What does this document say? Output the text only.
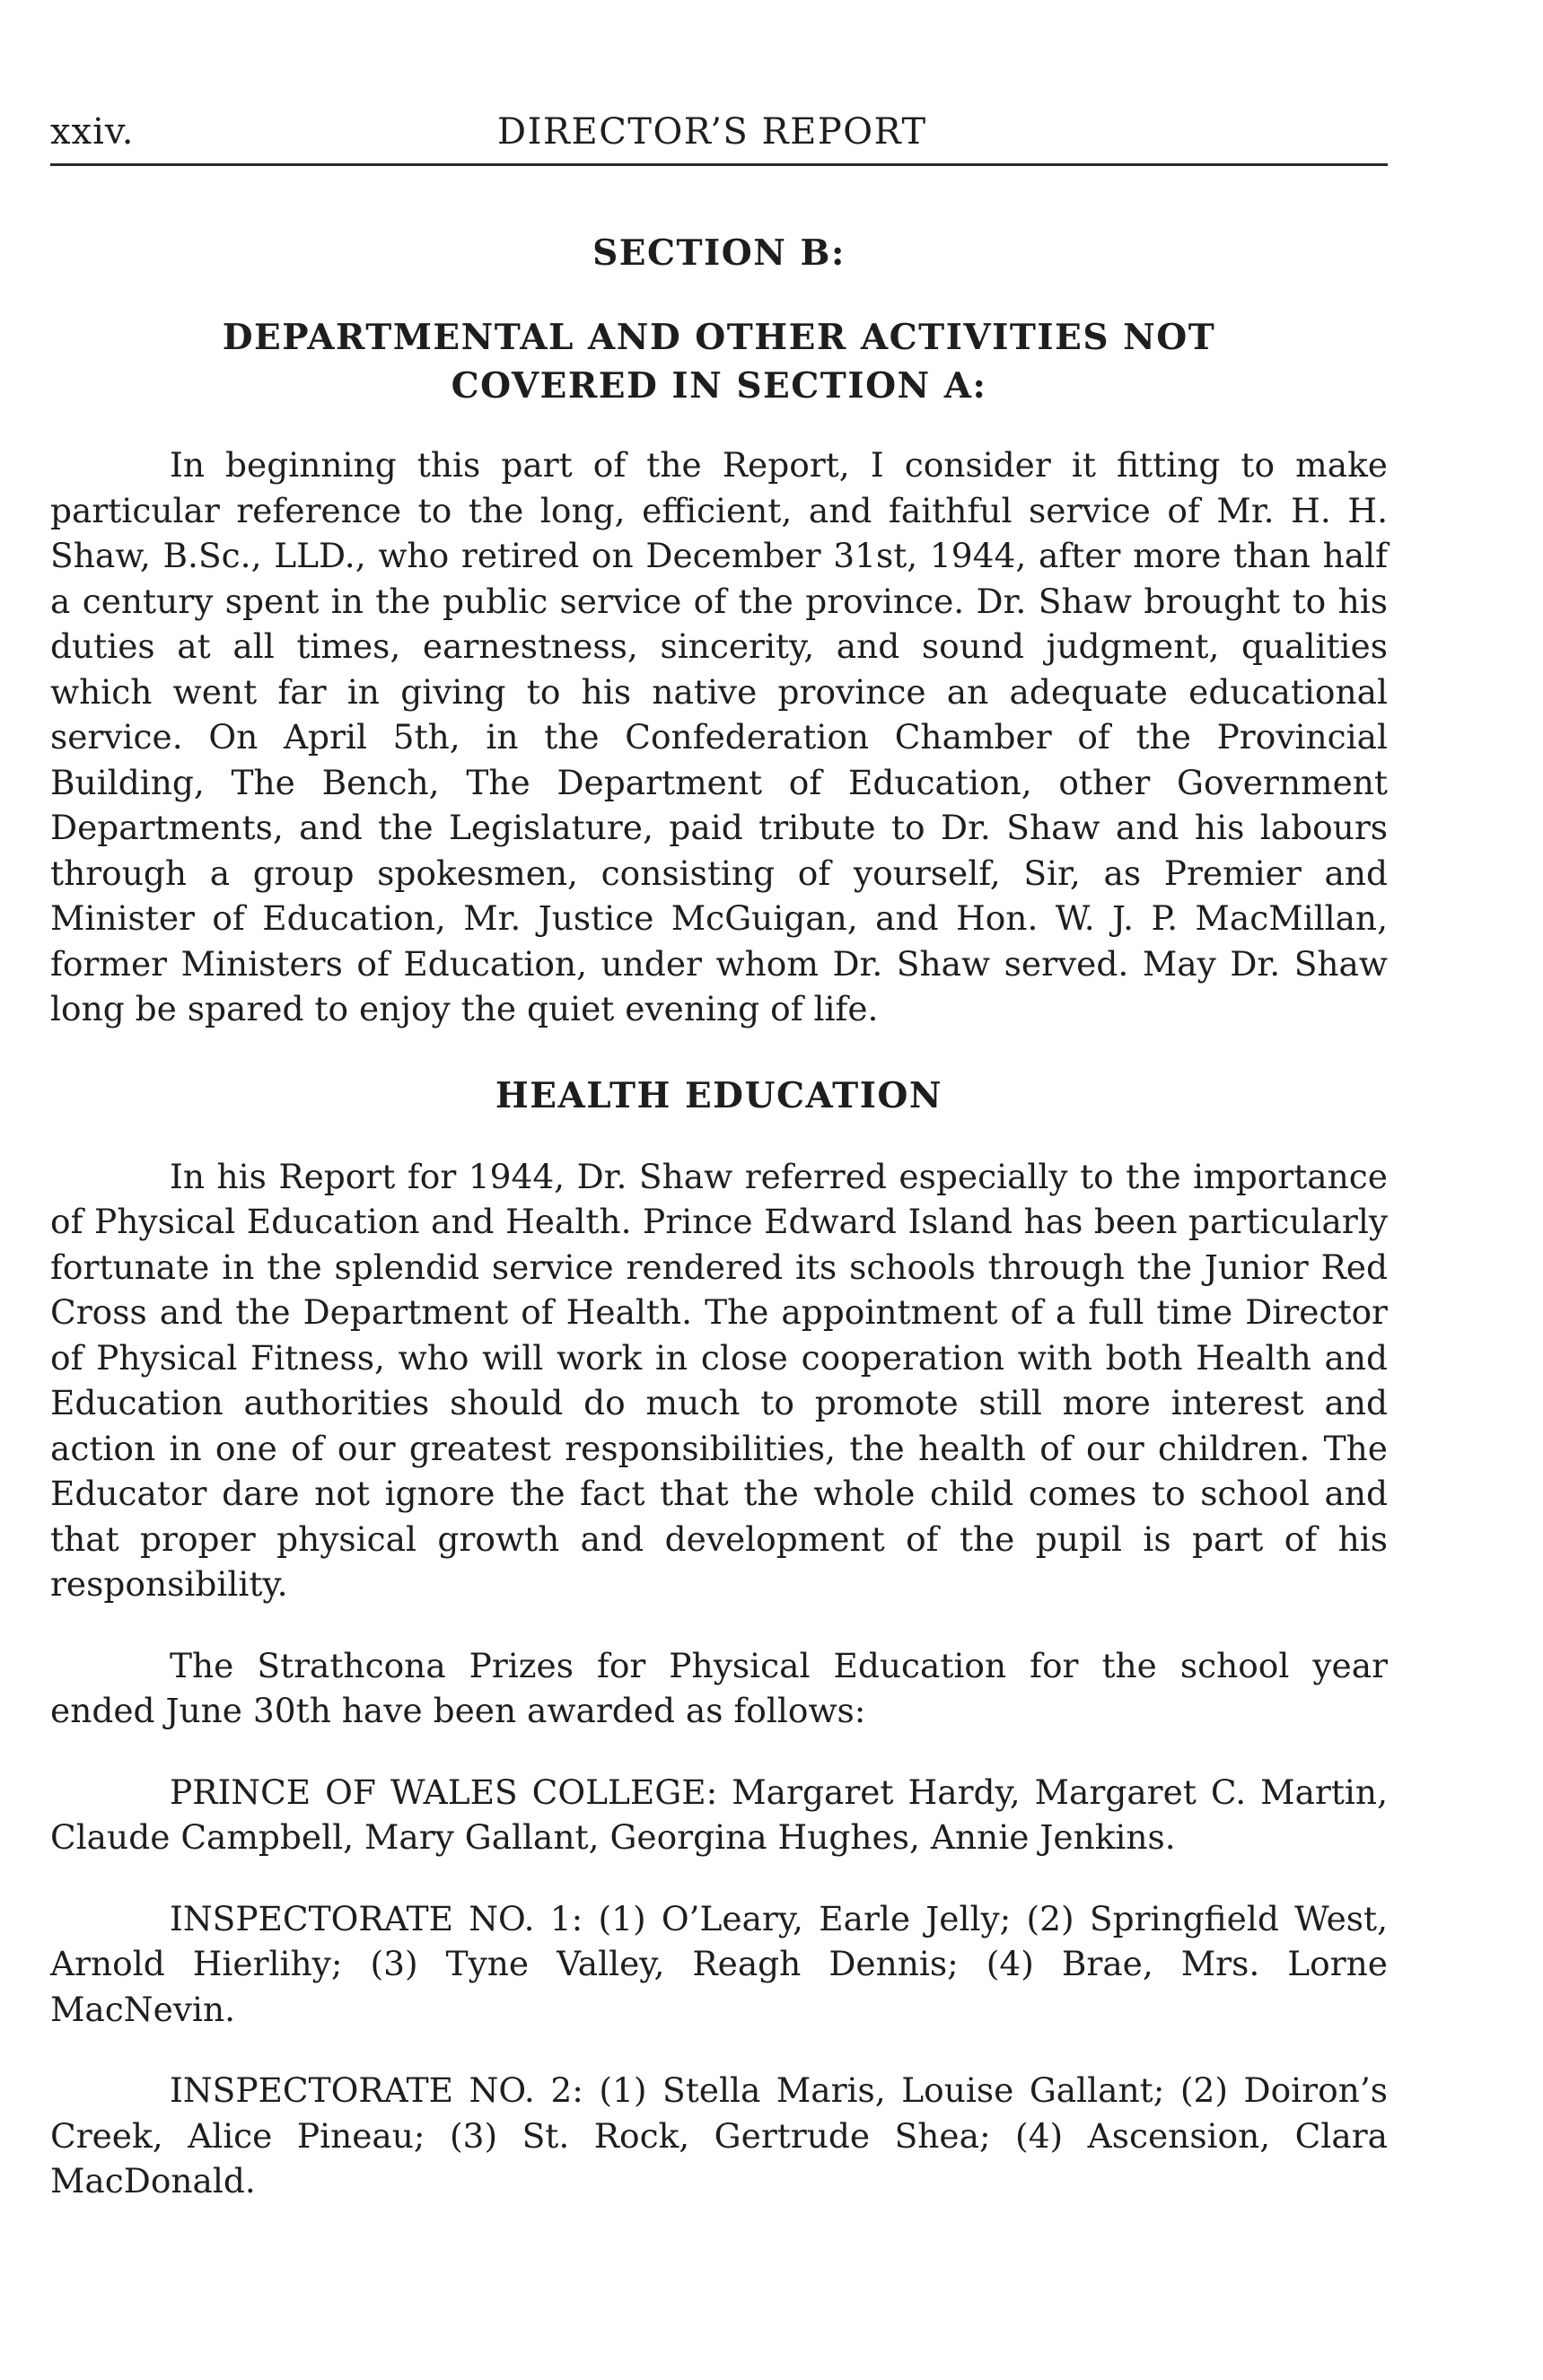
xxiv.	DIRECTOR’S REPORT
SECTION B:
DEPARTMENTAL AND OTHER ACTIVITIES NOT
COVERED IN SECTION A:

In beginning this part of the Report, I consider it fitting to make particular reference to the long, efficient, and faithful service of Mr. H. H. Shaw, B.Sc., LLD., who retired on December 31st, 1944, after more than half a century spent in the public service of the province. Dr. Shaw brought to his duties at all times, earnestness, sincerity, and sound judgment, qualities which went far in giving to his native province an adequate educational service. On April 5th, in the Confederation Chamber of the Provincial Building, The Bench, The Department of Education, other Government Departments, and the Legislature, paid tribute to Dr. Shaw and his labours through a group spokesmen, consisting of yourself, Sir, as Premier and Minister of Education, Mr. Justice McGuigan, and Hon. W. J. P. MacMillan, former Ministers of Education, under whom Dr. Shaw served. May Dr. Shaw long be spared to enjoy the quiet evening of life.

HEALTH EDUCATION

In his Report for 1944, Dr. Shaw referred especially to the importance of Physical Education and Health. Prince Edward Island has been particularly fortunate in the splendid service rendered its schools through the Junior Red Cross and the Department of Health. The appointment of a full time Director of Physical Fitness, who will work in close cooperation with both Health and Education authorities should do much to promote still more interest and action in one of our greatest responsibilities, the health of our children. The Educator dare not ignore the fact that the whole child comes to school and that proper physical growth and development of the pupil is part of his responsibility.

The Strathcona Prizes for Physical Education for the school year ended June 30th have been awarded as follows:

PRINCE OF WALES COLLEGE: Margaret Hardy, Margaret C. Martin, Claude Campbell, Mary Gallant, Georgina Hughes, Annie Jenkins.

INSPECTORATE NO. 1: (1) O’Leary, Earle Jelly; (2) Springfield West, Arnold Hierlihy; (3) Tyne Valley, Reagh Dennis; (4) Brae, Mrs. Lorne MacNevin.

INSPECTORATE NO. 2: (1) Stella Maris, Louise Gallant; (2) Doiron’s Creek, Alice Pineau; (3) St. Rock, Gertrude Shea; (4) Ascension, Clara MacDonald.
